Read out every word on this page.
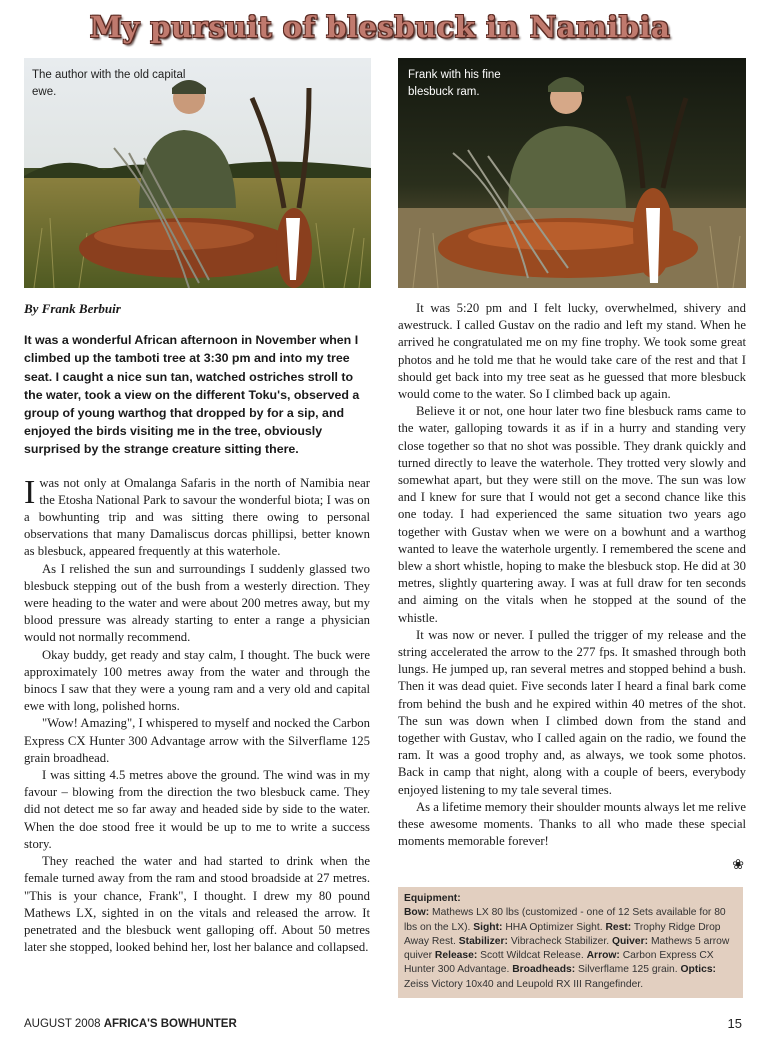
My pursuit of blesbuck in Namibia
The author with the old capital ewe.
Frank with his fine blesbuck ram.
By Frank Berbuir
It was a wonderful African afternoon in November when I climbed up the tamboti tree at 3:30 pm and into my tree seat. I caught a nice sun tan, watched ostriches stroll to the water, took a view on the different Toku's, observed a group of young warthog that dropped by for a sip, and enjoyed the birds visiting me in the tree, obviously surprised by the strange creature sitting there.

Iwas not only at Omalanga Safaris in the north of Namibia near the Etosha National Park to savour the wonderful biota; I was on a bowhunting trip and was sitting there owing to personal observations that many Damaliscus dorcas phillipsi, better known as blesbuck, appeared frequently at this waterhole.

As I relished the sun and surroundings I suddenly glassed two blesbuck stepping out of the bush from a westerly direction. They were heading to the water and were about 200 metres away, but my blood pressure was already starting to enter a range a physician would not normally recommend.

Okay buddy, get ready and stay calm, I thought. The buck were approximately 100 metres away from the water and through the binocs I saw that they were a young ram and a very old and capital ewe with long, polished horns.

"Wow! Amazing", I whispered to myself and nocked the Carbon Express CX Hunter 300 Advantage arrow with the Silverflame 125 grain broadhead.

I was sitting 4.5 metres above the ground. The wind was in my favour – blowing from the direction the two blesbuck came. They did not detect me so far away and headed side by side to the water. When the doe stood free it would be up to me to write a success story.

They reached the water and had started to drink when the female turned away from the ram and stood broadside at 27 metres. "This is your chance, Frank", I thought. I drew my 80 pound Mathews LX, sighted in on the vitals and released the arrow. It penetrated and the blesbuck went galloping off. About 50 metres later she stopped, looked behind her, lost her balance and collapsed.

It was 5:20 pm and I felt lucky, overwhelmed, shivery and awestruck. I called Gustav on the radio and left my stand. When he arrived he congratulated me on my fine trophy. We took some great photos and he told me that he would take care of the rest and that I should get back into my tree seat as he guessed that more blesbuck would come to the water. So I climbed back up again.

Believe it or not, one hour later two fine blesbuck rams came to the water, galloping towards it as if in a hurry and standing very close together so that no shot was possible. They drank quickly and turned directly to leave the waterhole. They trotted very slowly and somewhat apart, but they were still on the move. The sun was low and I knew for sure that I would not get a second chance like this one today. I had experienced the same situation two years ago together with Gustav when we were on a bowhunt and a warthog wanted to leave the waterhole urgently. I remembered the scene and blew a short whistle, hoping to make the blesbuck stop. He did at 30 metres, slightly quartering away. I was at full draw for ten seconds and aiming on the vitals when he stopped at the sound of the whistle.

It was now or never. I pulled the trigger of my release and the string accelerated the arrow to the 277 fps. It smashed through both lungs. He jumped up, ran several metres and stopped behind a bush. Then it was dead quiet. Five seconds later I heard a final bark come from behind the bush and he expired within 40 metres of the shot. The sun was down when I climbed down from the stand and together with Gustav, who I called again on the radio, we found the ram. It was a good trophy and, as always, we took some photos. Back in camp that night, along with a couple of beers, everybody enjoyed listening to my tale several times.

As a lifetime memory their shoulder mounts always let me relive these awesome moments. Thanks to all who made these special moments memorable forever!

❀
Equipment:
Bow: Mathews LX 80 lbs (customized - one of 12 Sets available for 80 lbs on the LX). Sight: HHA Optimizer Sight. Rest: Trophy Ridge Drop Away Rest. Stabilizer: Vibracheck Stabilizer. Quiver: Mathews 5 arrow quiver Release: Scott Wildcat Release. Arrow: Carbon Express CX Hunter 300 Advantage. Broadheads: Silverflame 125 grain. Optics: Zeiss Victory 10x40 and Leupold RX III Rangefinder.
AUGUST 2008 AFRICA'S BOWHUNTER	15
